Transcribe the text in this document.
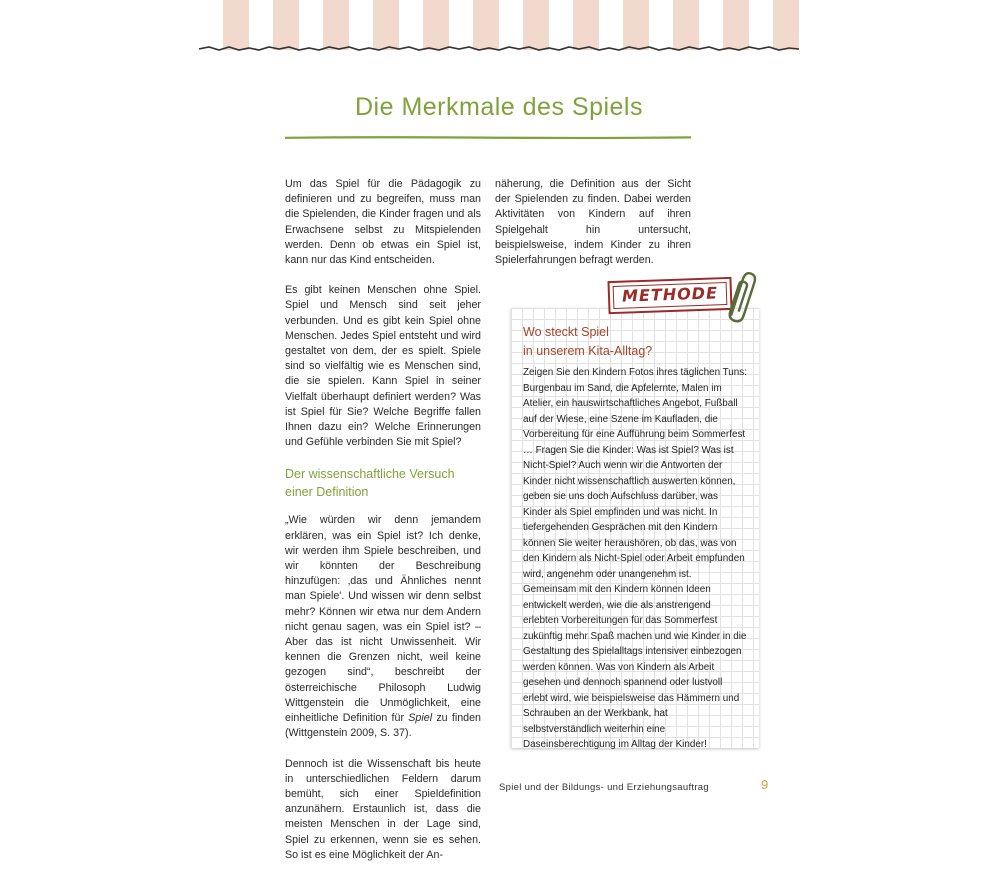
Die Merkmale des Spiels

Um das Spiel für die Pädagogik zu definieren und zu begreifen, muss man die Spielenden, die Kinder fragen und als Erwachsene selbst zu Mitspielenden werden. Denn ob etwas ein Spiel ist, kann nur das Kind entscheiden.

Es gibt keinen Menschen ohne Spiel. Spiel und Mensch sind seit jeher verbunden. Und es gibt kein Spiel ohne Menschen. Jedes Spiel entsteht und wird gestaltet von dem, der es spielt. Spiele sind so vielfältig wie es Menschen sind, die sie spielen. Kann Spiel in seiner Vielfalt überhaupt definiert werden? Was ist Spiel für Sie? Welche Begriffe fallen Ihnen dazu ein? Welche Erinnerungen und Gefühle verbinden Sie mit Spiel?

Der wissenschaftliche Versuch
einer Definition

„Wie würden wir denn jemandem erklären, was ein Spiel ist? Ich denke, wir werden ihm Spiele beschreiben, und wir könnten der Beschreibung hinzufügen: ‚das und Ähnliches nennt man Spiele'. Und wissen wir denn selbst mehr? Können wir etwa nur dem Andern nicht genau sagen, was ein Spiel ist? – Aber das ist nicht Unwissenheit. Wir kennen die Grenzen nicht, weil keine gezogen sind“, beschreibt der österreichische Philosoph Ludwig Wittgenstein die Unmöglichkeit, eine einheitliche Definition für Spiel zu finden (Wittgenstein 2009, S. 37).

Dennoch ist die Wissenschaft bis heute in unterschiedlichen Feldern darum bemüht, sich einer Spieldefinition anzunähern. Erstaunlich ist, dass die meisten Menschen in der Lage sind, Spiel zu erkennen, wenn sie es sehen. So ist es eine Möglichkeit der An-

näherung, die Definition aus der Sicht der Spielenden zu finden. Dabei werden Aktivitäten von Kindern auf ihren Spielgehalt hin untersucht, beispielsweise, indem Kinder zu ihren Spielerfahrungen befragt werden.

Wo steckt Spiel
in unserem Kita-Alltag?
Zeigen Sie den Kindern Fotos ihres täglichen Tuns: Burgenbau im Sand, die Apfelernte, Malen im Atelier, ein hauswirtschaftliches Angebot, Fußball auf der Wiese, eine Szene im Kaufladen, die Vorbereitung für eine Aufführung beim Sommerfest … Fragen Sie die Kinder: Was ist Spiel? Was ist Nicht-Spiel? Auch wenn wir die Antworten der Kinder nicht wissenschaftlich auswerten können, geben sie uns doch Aufschluss darüber, was Kinder als Spiel empfinden und was nicht. In tiefergehenden Gesprächen mit den Kindern können Sie weiter heraushören, ob das, was von den Kindern als Nicht-Spiel oder Arbeit empfunden wird, angenehm oder unangenehm ist. Gemeinsam mit den Kindern können Ideen entwickelt werden, wie die als anstrengend erlebten Vorbereitungen für das Sommerfest zukünftig mehr Spaß machen und wie Kinder in die Gestaltung des Spielalltags intensiver einbezogen werden können. Was von Kindern als Arbeit gesehen und dennoch spannend oder lustvoll erlebt wird, wie beispielsweise das Hämmern und Schrauben an der Werkbank, hat selbstverständlich weiterhin eine Daseinsberechtigung im Alltag der Kinder!
METHODE
Spiel und der Bildungs- und Erziehungsauftrag	9
